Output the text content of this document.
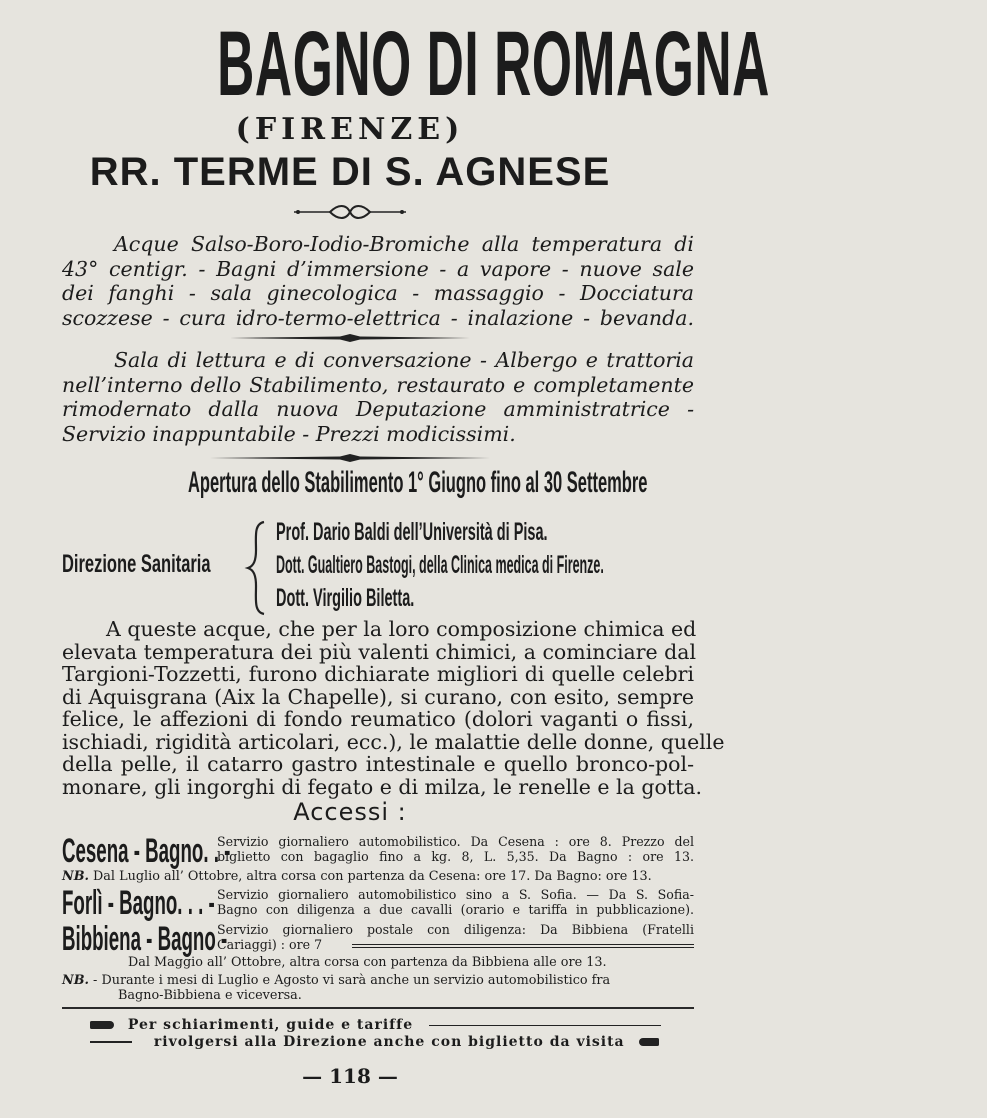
BAGNO DI ROMAGNA
(FIRENZE)
RR. TERME DI S. AGNESE
Acque Salso-Boro-Iodio-Bromiche alla temperatura di
43° centigr. - Bagni d’immersione - a vapore - nuove sale
dei fanghi - sala ginecologica - massaggio - Docciatura
scozzese - cura idro-termo-elettrica - inalazione - bevanda.
Sala di lettura e di conversazione - Albergo e trattoria
nell’interno dello Stabilimento, restaurato e completamente
rimodernato dalla nuova Deputazione amministratrice -
Servizio inappuntabile - Prezzi modicissimi.
Apertura dello Stabilimento 1° Giugno fino al 30 Settembre
Direzione Sanitaria
Prof. Dario Baldi dell’Università di Pisa.
Dott. Gualtiero Bastogi, della Clinica medica di Firenze.
Dott. Virgilio Biletta.
A queste acque, che per la loro composizione chimica ed
elevata temperatura dei più valenti chimici, a cominciare dal
Targioni-Tozzetti, furono dichiarate migliori di quelle celebri
di Aquisgrana (Aix la Chapelle), si curano, con esito, sempre
felice, le affezioni di fondo reumatico (dolori vaganti o fissi,
ischiadi, rigidità articolari, ecc.), le malattie delle donne, quelle
della pelle, il catarro gastro intestinale e quello bronco-pol-
monare, gli ingorghi di fegato e di milza, le renelle e la gotta.
Accessi :
Cesena - Bagno. . -
Servizio giornaliero automobilistico. Da Cesena : ore 8. Prezzo del
biglietto con bagaglio fino a kg. 8, L. 5,35. Da Bagno : ore 13.
NB. Dal Luglio all’ Ottobre, altra corsa con partenza da Cesena: ore 17. Da Bagno: ore 13.
Forlì - Bagno. . . - Servizio giornaliero automobilistico sino a S. Sofia. — Da S. Sofia-
Bagno con diligenza a due cavalli (orario e tariffa in pubblicazione).
Bibbiena - Bagno -
Servizio giornaliero postale con diligenza: Da Bibbiena (Fratelli
Cariaggi) : ore 7
Dal Maggio all’ Ottobre, altra corsa con partenza da Bibbiena alle ore 13.
NB. - Durante i mesi di Luglio e Agosto vi sarà anche un servizio automobilistico fra
Bagno-Bibbiena e viceversa.
Per schiarimenti, guide e tariffe
rivolgersi alla Direzione anche con biglietto da visita
— 118 —
